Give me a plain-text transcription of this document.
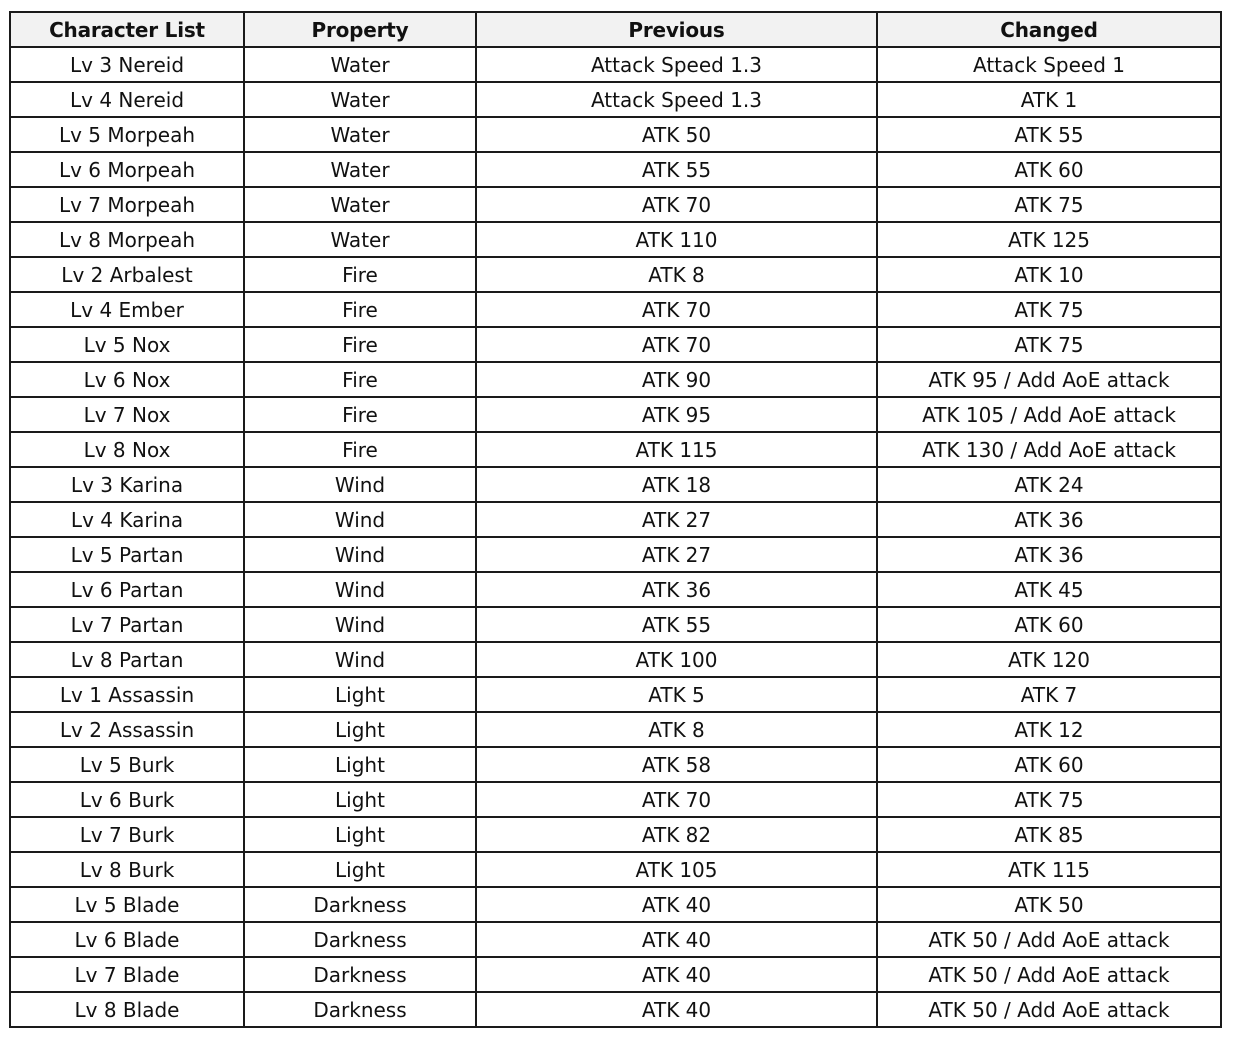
Character List	Property	Previous	Changed
Lv 3 Nereid	Water	Attack Speed 1.3	Attack Speed 1
Lv 4 Nereid	Water	Attack Speed 1.3	ATK 1
Lv 5 Morpeah	Water	ATK 50	ATK 55
Lv 6 Morpeah	Water	ATK 55	ATK 60
Lv 7 Morpeah	Water	ATK 70	ATK 75
Lv 8 Morpeah	Water	ATK 110	ATK 125
Lv 2 Arbalest	Fire	ATK 8	ATK 10
Lv 4 Ember	Fire	ATK 70	ATK 75
Lv 5 Nox	Fire	ATK 70	ATK 75
Lv 6 Nox	Fire	ATK 90	ATK 95 / Add AoE attack
Lv 7 Nox	Fire	ATK 95	ATK 105 / Add AoE attack
Lv 8 Nox	Fire	ATK 115	ATK 130 / Add AoE attack
Lv 3 Karina	Wind	ATK 18	ATK 24
Lv 4 Karina	Wind	ATK 27	ATK 36
Lv 5 Partan	Wind	ATK 27	ATK 36
Lv 6 Partan	Wind	ATK 36	ATK 45
Lv 7 Partan	Wind	ATK 55	ATK 60
Lv 8 Partan	Wind	ATK 100	ATK 120
Lv 1 Assassin	Light	ATK 5	ATK 7
Lv 2 Assassin	Light	ATK 8	ATK 12
Lv 5 Burk	Light	ATK 58	ATK 60
Lv 6 Burk	Light	ATK 70	ATK 75
Lv 7 Burk	Light	ATK 82	ATK 85
Lv 8 Burk	Light	ATK 105	ATK 115
Lv 5 Blade	Darkness	ATK 40	ATK 50
Lv 6 Blade	Darkness	ATK 40	ATK 50 / Add AoE attack
Lv 7 Blade	Darkness	ATK 40	ATK 50 / Add AoE attack
Lv 8 Blade	Darkness	ATK 40	ATK 50 / Add AoE attack
